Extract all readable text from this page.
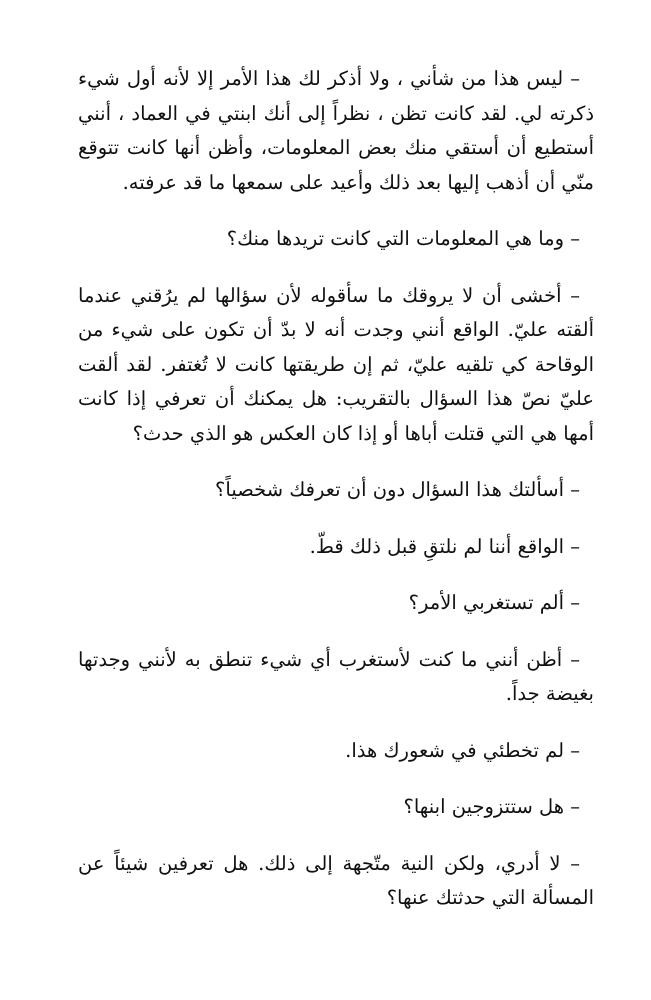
– ليس هذا من شأني ، ولا أذكر لك هذا الأمر إلا لأنه أول شيء ذكرته لي. لقد كانت تظن ، نظراً إلى أنك ابنتي في العماد ، أنني أستطيع أن أستقي منك بعض المعلومات، وأظن أنها كانت تتوقع منّي أن أذهب إليها بعد ذلك وأعيد على سمعها ما قد عرفته.

– وما هي المعلومات التي كانت تريدها منك؟

– أخشى أن لا يروقك ما سأقوله لأن سؤالها لم يرُقني عندما ألقته عليّ. الواقع أنني وجدت أنه لا بدّ أن تكون على شيء من الوقاحة كي تلقيه عليّ، ثم إن طريقتها كانت لا تُغتفر. لقد ألقت عليّ نصّ هذا السؤال بالتقريب: هل يمكنك أن تعرفي إذا كانت أمها هي التي قتلت أباها أو إذا كان العكس هو الذي حدث؟

– أسألتك هذا السؤال دون أن تعرفك شخصياً؟

– الواقع أننا لم نلتقِ قبل ذلك قطّ.

– ألم تستغربي الأمر؟

– أظن أنني ما كنت لأستغرب أي شيء تنطق به لأنني وجدتها بغيضة جداً.

– لم تخطئي في شعورك هذا.

– هل ستتزوجين ابنها؟

– لا أدري، ولكن النية متّجهة إلى ذلك. هل تعرفين شيئاً عن المسألة التي حدثتك عنها؟
